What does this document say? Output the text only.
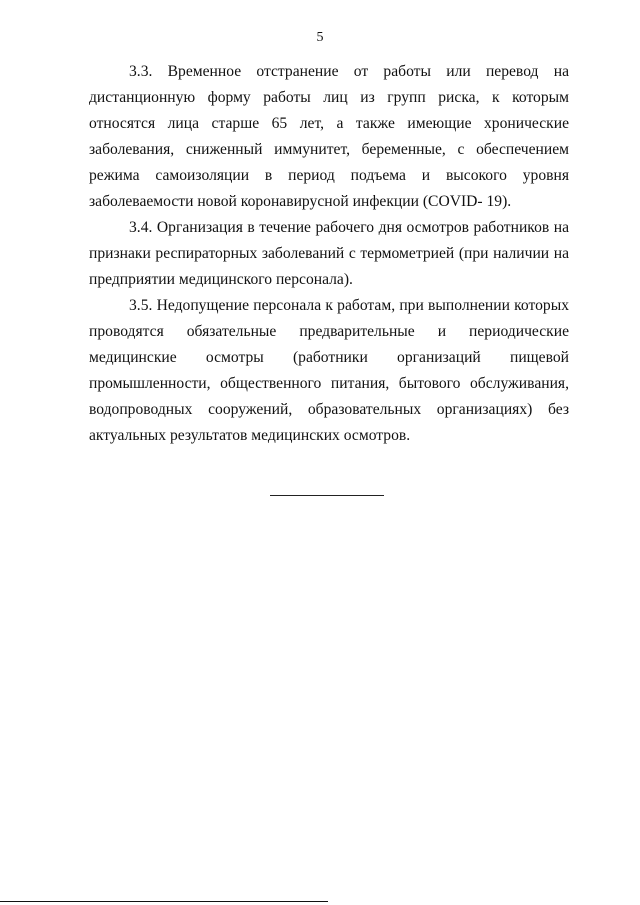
5

3.3. Временное отстранение от работы или перевод на дистанционную форму работы лиц из групп риска, к которым относятся лица старше 65 лет, а также имеющие хронические заболевания, сниженный иммунитет, беременные, с обеспечением режима самоизоляции в период подъема и высокого уровня заболеваемости новой коронавирусной инфекции (COVID- 19).

3.4. Организация в течение рабочего дня осмотров работников на признаки респираторных заболеваний с термометрией (при наличии на предприятии медицинского персонала).

3.5. Недопущение персонала к работам, при выполнении которых проводятся обязательные предварительные и периодические медицинские осмотры (работники организаций пищевой промышленности, общественного питания, бытового обслуживания, водопроводных сооружений, образовательных организациях) без актуальных результатов медицинских осмотров.
